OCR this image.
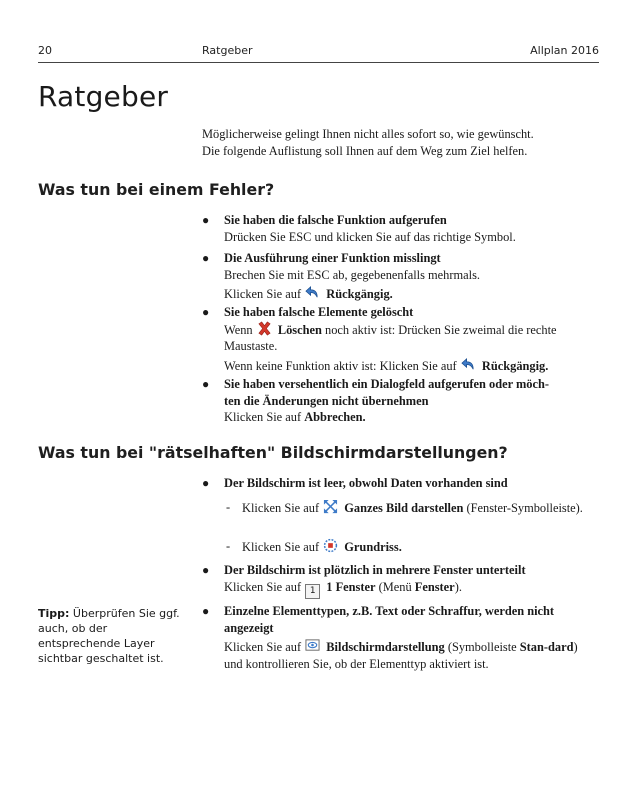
20	Ratgeber	Allplan 2016
Ratgeber
Möglicherweise gelingt Ihnen nicht alles sofort so, wie gewünscht.
Die folgende Auflistung soll Ihnen auf dem Weg zum Ziel helfen.
Was tun bei einem Fehler?
● Sie haben die falsche Funktion aufgerufen
Drücken Sie ESC und klicken Sie auf das richtige Symbol.
● Die Ausführung einer Funktion misslingt
Brechen Sie mit ESC ab, gegebenenfalls mehrmals.
Klicken Sie auf Rückgängig.
● Sie haben falsche Elemente gelöscht
Wenn Löschen noch aktiv ist: Drücken Sie zweimal die rechte Maustaste.
Wenn keine Funktion aktiv ist: Klicken Sie auf Rückgängig.
● Sie haben versehentlich ein Dialogfeld aufgerufen oder möch-
ten die Änderungen nicht übernehmen
Klicken Sie auf Abbrechen.
Was tun bei "rätselhaften" Bildschirmdarstellungen?
● Der Bildschirm ist leer, obwohl Daten vorhanden sind
- Klicken Sie auf Ganzes Bild darstellen (Fenster-Symbolleiste).
- Klicken Sie auf Grundriss.
● Der Bildschirm ist plötzlich in mehrere Fenster unterteilt
Klicken Sie auf 1 1 Fenster (Menü Fenster).
● Einzelne Elementtypen, z.B. Text oder Schraffur, werden nicht
angezeigt
Klicken Sie auf Bildschirmdarstellung (Symbolleiste Stan-dard) und kontrollieren Sie, ob der Elementtyp aktiviert ist.
Tipp: Überprüfen Sie ggf. auch, ob der entsprechende Layer sichtbar geschaltet ist.
